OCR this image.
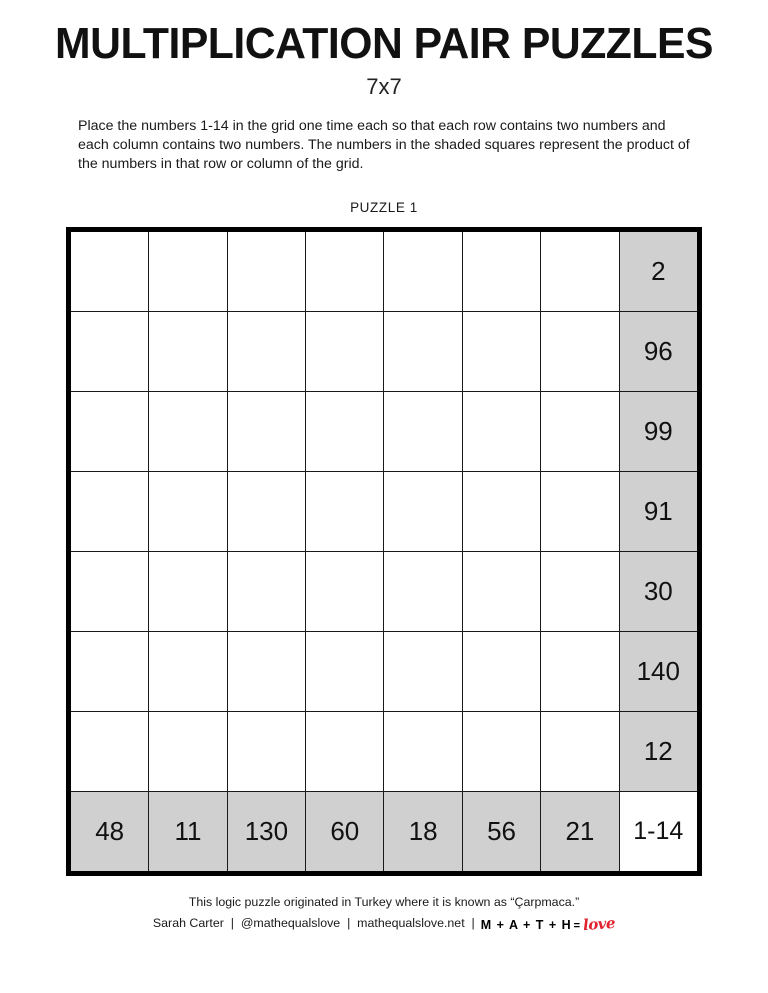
MULTIPLICATION PAIR PUZZLES
7x7

Place the numbers 1-14 in the grid one time each so that each row contains two numbers and each column contains two numbers. The numbers in the shaded squares represent the product of the numbers in that row or column of the grid.

PUZZLE 1
							2
							96
							99
							91
							30
							140
							12
48	11	130	60	18	56	21	1-14
This logic puzzle originated in Turkey where it is known as “Çarpmaca.”
Sarah Carter  |  @mathequalslove  |  mathequalslove.net  | M + A + T + H = love
